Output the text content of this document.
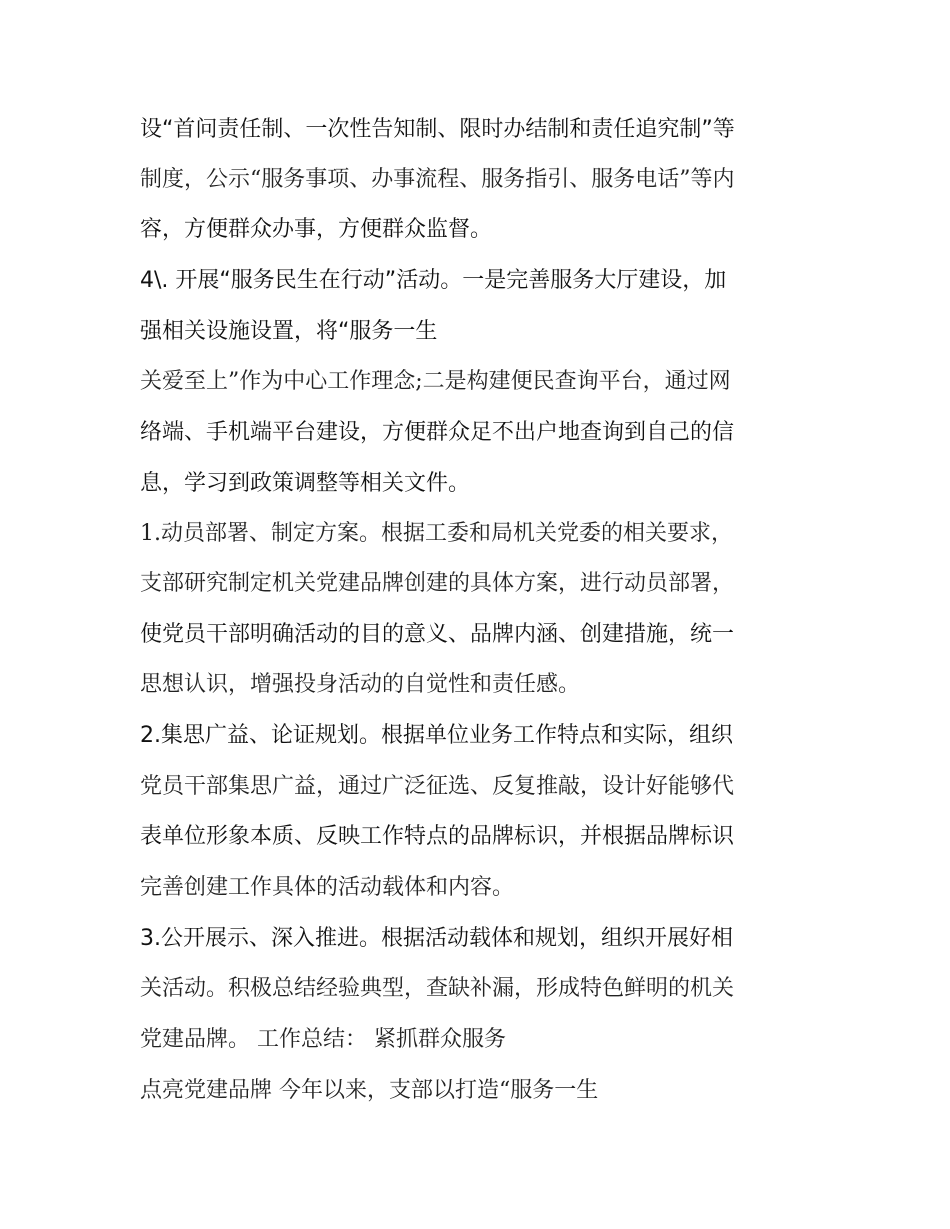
设“首问责任制、一次性告知制、限时办结制和责任追究制”等
制度，公示“服务事项、办事流程、服务指引、服务电话”等内
容，方便群众办事，方便群众监督。
4\. 开展“服务民生在行动”活动。一是完善服务大厅建设，加
强相关设施设置，将“服务一生
关爱至上”作为中心工作理念;二是构建便民查询平台，通过网
络端、手机端平台建设，方便群众足不出户地查询到自己的信
息，学习到政策调整等相关文件。
1.动员部署、制定方案。根据工委和局机关党委的相关要求，
支部研究制定机关党建品牌创建的具体方案，进行动员部署，
使党员干部明确活动的目的意义、品牌内涵、创建措施，统一
思想认识，增强投身活动的自觉性和责任感。
2.集思广益、论证规划。根据单位业务工作特点和实际，组织
党员干部集思广益，通过广泛征选、反复推敲，设计好能够代
表单位形象本质、反映工作特点的品牌标识，并根据品牌标识
完善创建工作具体的活动载体和内容。
3.公开展示、深入推进。根据活动载体和规划，组织开展好相
关活动。积极总结经验典型，查缺补漏，形成特色鲜明的机关
党建品牌。 工作总结： 紧抓群众服务
点亮党建品牌 今年以来，支部以打造“服务一生
